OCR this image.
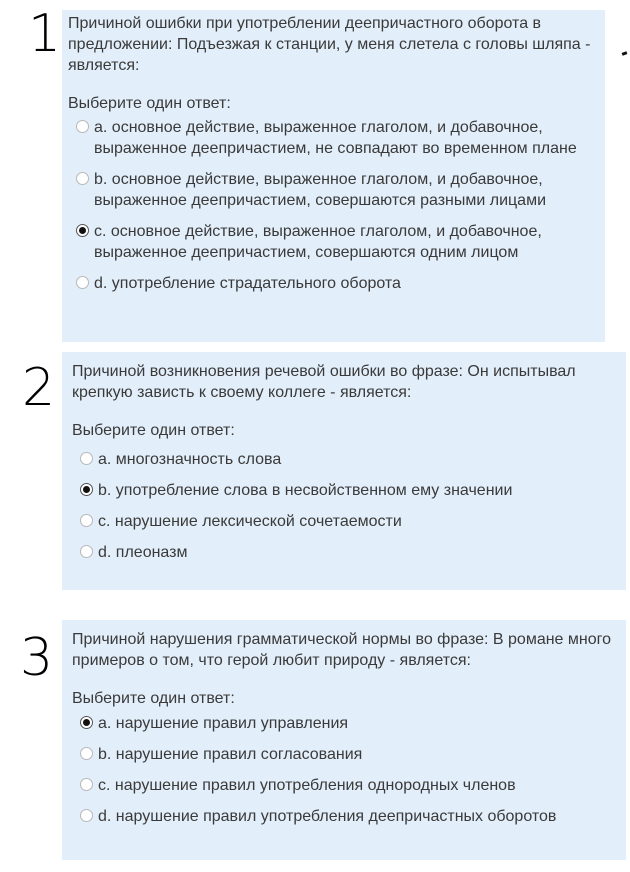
1
2
3
Причиной ошибки при употреблении деепричастного оборота в предложении: Подъезжая к станции, у меня слетела с головы шляпа - является:
Выберите один ответ:
a. основное действие, выраженное глаголом, и добавочное, выраженное деепричастием, не совпадают во временном плане
b. основное действие, выраженное глаголом, и добавочное, выраженное деепричастием, совершаются разными лицами
c. основное действие, выраженное глаголом, и добавочное, выраженное деепричастием, совершаются одним лицом
d. употребление страдательного оборота
Причиной возникновения речевой ошибки во фразе: Он испытывал крепкую зависть к своему коллеге - является:
Выберите один ответ:
a. многозначность слова
b. употребление слова в несвойственном ему значении
c. нарушение лексической сочетаемости
d. плеоназм
Причиной нарушения грамматической нормы во фразе: В романе много примеров о том, что герой любит природу - является:
Выберите один ответ:
a. нарушение правил управления
b. нарушение правил согласования
c. нарушение правил употребления однородных членов
d. нарушение правил употребления деепричастных оборотов
